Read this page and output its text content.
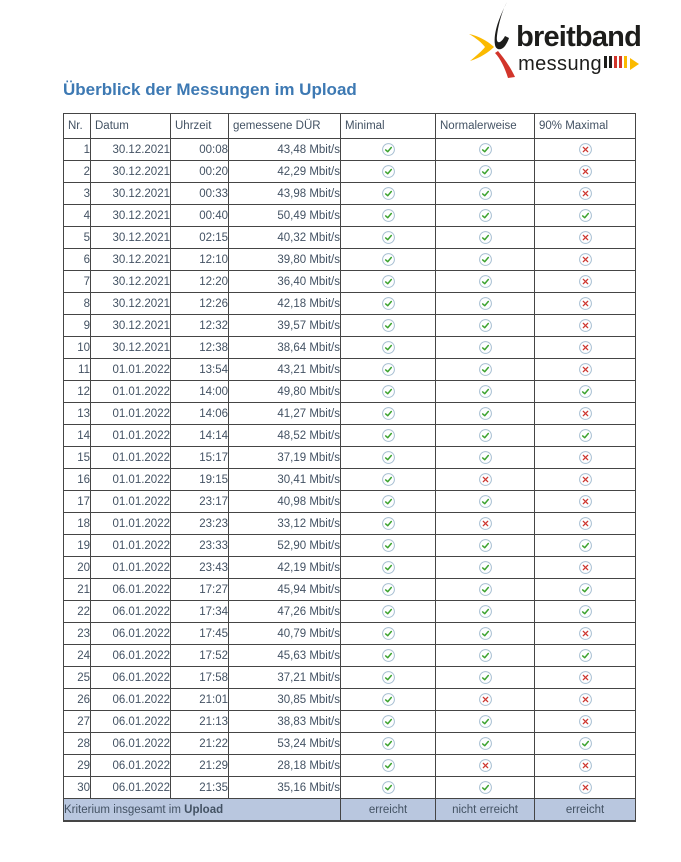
breitband
messung
Überblick der Messungen im Upload
Nr.	Datum	Uhrzeit	gemessene DÜR	Minimal	Normalerweise	90% Maximal
1	30.12.2021	00:08	43,48 Mbit/s			
2	30.12.2021	00:20	42,29 Mbit/s			
3	30.12.2021	00:33	43,98 Mbit/s			
4	30.12.2021	00:40	50,49 Mbit/s			
5	30.12.2021	02:15	40,32 Mbit/s			
6	30.12.2021	12:10	39,80 Mbit/s			
7	30.12.2021	12:20	36,40 Mbit/s			
8	30.12.2021	12:26	42,18 Mbit/s			
9	30.12.2021	12:32	39,57 Mbit/s			
10	30.12.2021	12:38	38,64 Mbit/s			
11	01.01.2022	13:54	43,21 Mbit/s			
12	01.01.2022	14:00	49,80 Mbit/s			
13	01.01.2022	14:06	41,27 Mbit/s			
14	01.01.2022	14:14	48,52 Mbit/s			
15	01.01.2022	15:17	37,19 Mbit/s			
16	01.01.2022	19:15	30,41 Mbit/s			
17	01.01.2022	23:17	40,98 Mbit/s			
18	01.01.2022	23:23	33,12 Mbit/s			
19	01.01.2022	23:33	52,90 Mbit/s			
20	01.01.2022	23:43	42,19 Mbit/s			
21	06.01.2022	17:27	45,94 Mbit/s			
22	06.01.2022	17:34	47,26 Mbit/s			
23	06.01.2022	17:45	40,79 Mbit/s			
24	06.01.2022	17:52	45,63 Mbit/s			
25	06.01.2022	17:58	37,21 Mbit/s			
26	06.01.2022	21:01	30,85 Mbit/s			
27	06.01.2022	21:13	38,83 Mbit/s			
28	06.01.2022	21:22	53,24 Mbit/s			
29	06.01.2022	21:29	28,18 Mbit/s			
30	06.01.2022	21:35	35,16 Mbit/s			
Kriterium insgesamt im Upload				erreicht	nicht erreicht	erreicht
